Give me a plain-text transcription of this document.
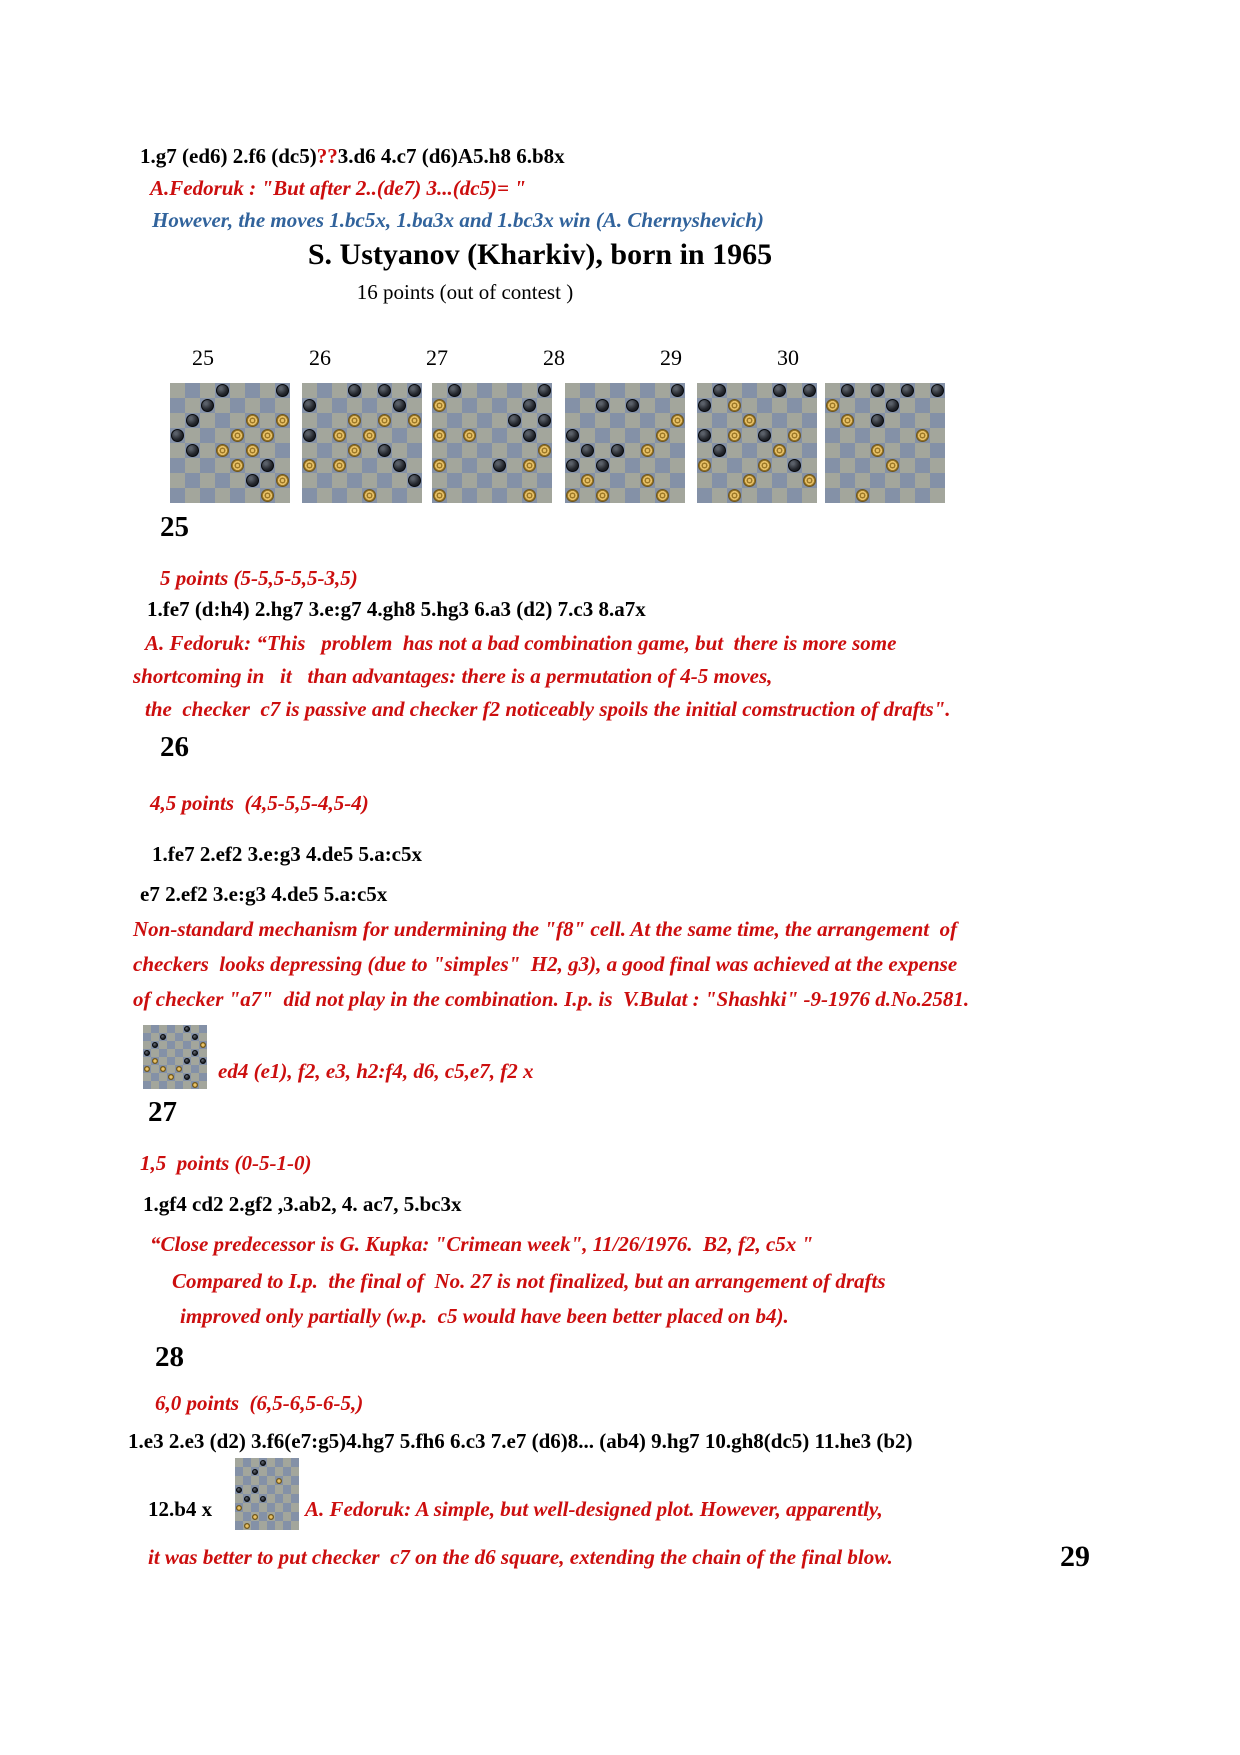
1.g7 (ed6) 2.f6 (dc5)??3.d6 4.c7 (d6)A5.h8 6.b8x
A.Fedoruk : "But after 2..(de7) 3...(dc5)= "
However, the moves 1.bc5x, 1.ba3x and 1.bc3x win (A. Chernyshevich)
S. Ustyanov (Kharkiv), born in 1965
16 points (out of contest )
25	26	27	28	29	30
25
5 points (5-5,5-5,5-3,5)
1.fe7 (d:h4) 2.hg7 3.e:g7 4.gh8 5.hg3 6.a3 (d2) 7.c3 8.a7x
A. Fedoruk: “This   problem  has not a bad combination game, but  there is more some
shortcoming in   it   than advantages: there is a permutation of 4-5 moves,
the  checker  c7 is passive and checker f2 noticeably spoils the initial comstruction of drafts".
26
4,5 points  (4,5-5,5-4,5-4)
1.fe7 2.ef2 3.e:g3 4.de5 5.a:c5x
e7 2.ef2 3.e:g3 4.de5 5.a:c5x
Non-standard mechanism for undermining the "f8" cell. At the same time, the arrangement  of
checkers  looks depressing (due to "simples"  H2, g3), a good final was achieved at the expense
of checker "a7"  did not play in the combination. I.p. is  V.Bulat : "Shashki" -9-1976 d.No.2581.
ed4 (e1), f2, e3, h2:f4, d6, c5,e7, f2 x
27
1,5  points (0-5-1-0)
1.gf4 cd2 2.gf2 ,3.ab2, 4. ac7, 5.bc3x
“Close predecessor is G. Kupka: "Crimean week", 11/26/1976.  B2, f2, c5x "
Compared to I.p.  the final of  No. 27 is not finalized, but an arrangement of drafts
improved only partially (w.p.  c5 would have been better placed on b4).
28
6,0 points  (6,5-6,5-6-5,)
1.e3 2.e3 (d2) 3.f6(e7:g5)4.hg7 5.fh6 6.c3 7.e7 (d6)8... (ab4) 9.hg7 10.gh8(dc5) 11.he3 (b2)
12.b4 x	A. Fedoruk: A simple, but well-designed plot. However, apparently,
it was better to put checker  c7 on the d6 square, extending the chain of the final blow.	29
